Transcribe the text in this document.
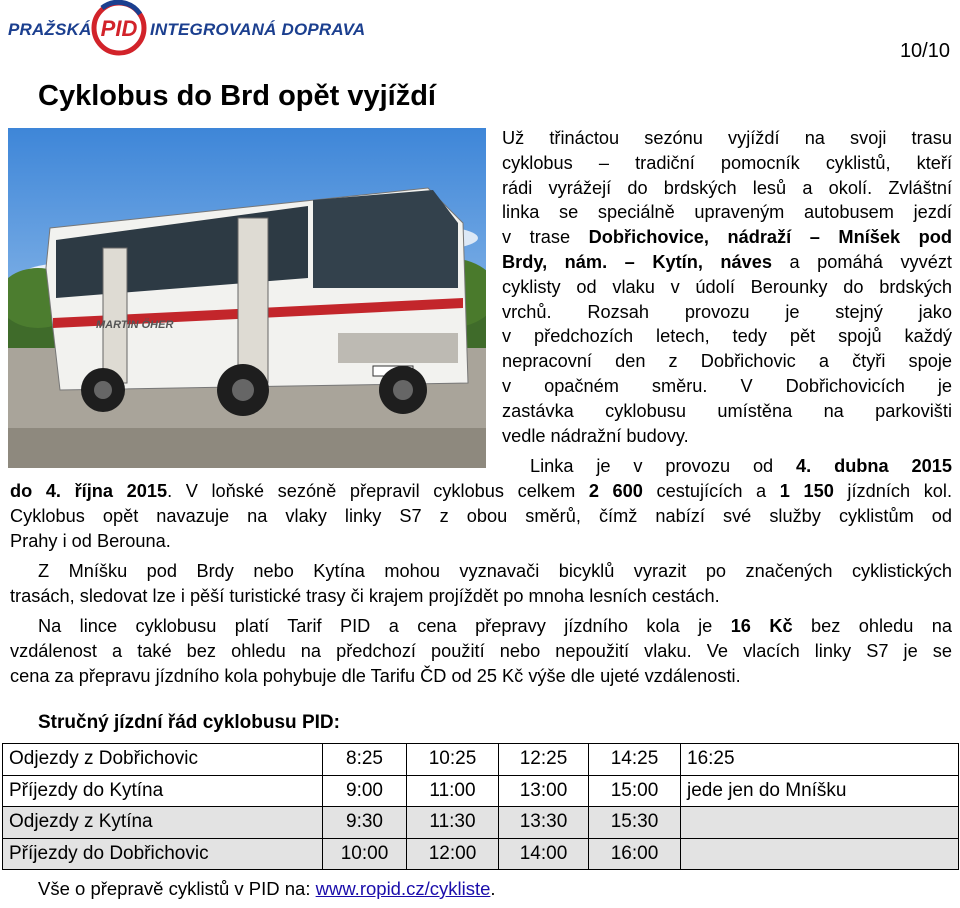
PRAŽSKÁ PID INTEGROVANÁ DOPRAVA
10/10
Cyklobus do Brd opět vyjíždí
MARTIN ÖHER
Už třináctou sezónu vyjíždí na svoji trasu
cyklobus – tradiční pomocník cyklistů, kteří
rádi vyrážejí do brdských lesů a okolí. Zvláštní
linka se speciálně upraveným autobusem jezdí
v trase Dobřichovice, nádraží – Mníšek pod
Brdy, nám. – Kytín, náves a pomáhá vyvézt
cyklisty od vlaku v údolí Berounky do brdských
vrchů. Rozsah provozu je stejný jako
v předchozích letech, tedy pět spojů každý
nepracovní den z Dobřichovic a čtyři spoje
v opačném směru. V Dobřichovicích je
zastávka cyklobusu umístěna na parkovišti
vedle nádražní budovy.
Linka je v provozu od 4. dubna 2015
do 4. října 2015. V loňské sezóně přepravil cyklobus celkem 2 600 cestujících a 1 150 jízdních kol.
Cyklobus opět navazuje na vlaky linky S7 z obou směrů, čímž nabízí své služby cyklistům od
Prahy i od Berouna.
Z Mníšku pod Brdy nebo Kytína mohou vyznavači bicyklů vyrazit po značených cyklistických
trasách, sledovat lze i pěší turistické trasy či krajem projíždět po mnoha lesních cestách.
Na lince cyklobusu platí Tarif PID a cena přepravy jízdního kola je 16 Kč bez ohledu na
vzdálenost a také bez ohledu na předchozí použití nebo nepoužití vlaku. Ve vlacích linky S7 je se
cena za přepravu jízdního kola pohybuje dle Tarifu ČD od 25 Kč výše dle ujeté vzdálenosti.
Stručný jízdní řád cyklobusu PID:
Odjezdy z Dobřichovic	8:25	10:25	12:25	14:25	16:25
Příjezdy do Kytína	9:00	11:00	13:00	15:00	jede jen do Mníšku
Odjezdy z Kytína	9:30	11:30	13:30	15:30	
Příjezdy do Dobřichovic	10:00	12:00	14:00	16:00	
Vše o přepravě cyklistů v PID na: www.ropid.cz/cykliste.
